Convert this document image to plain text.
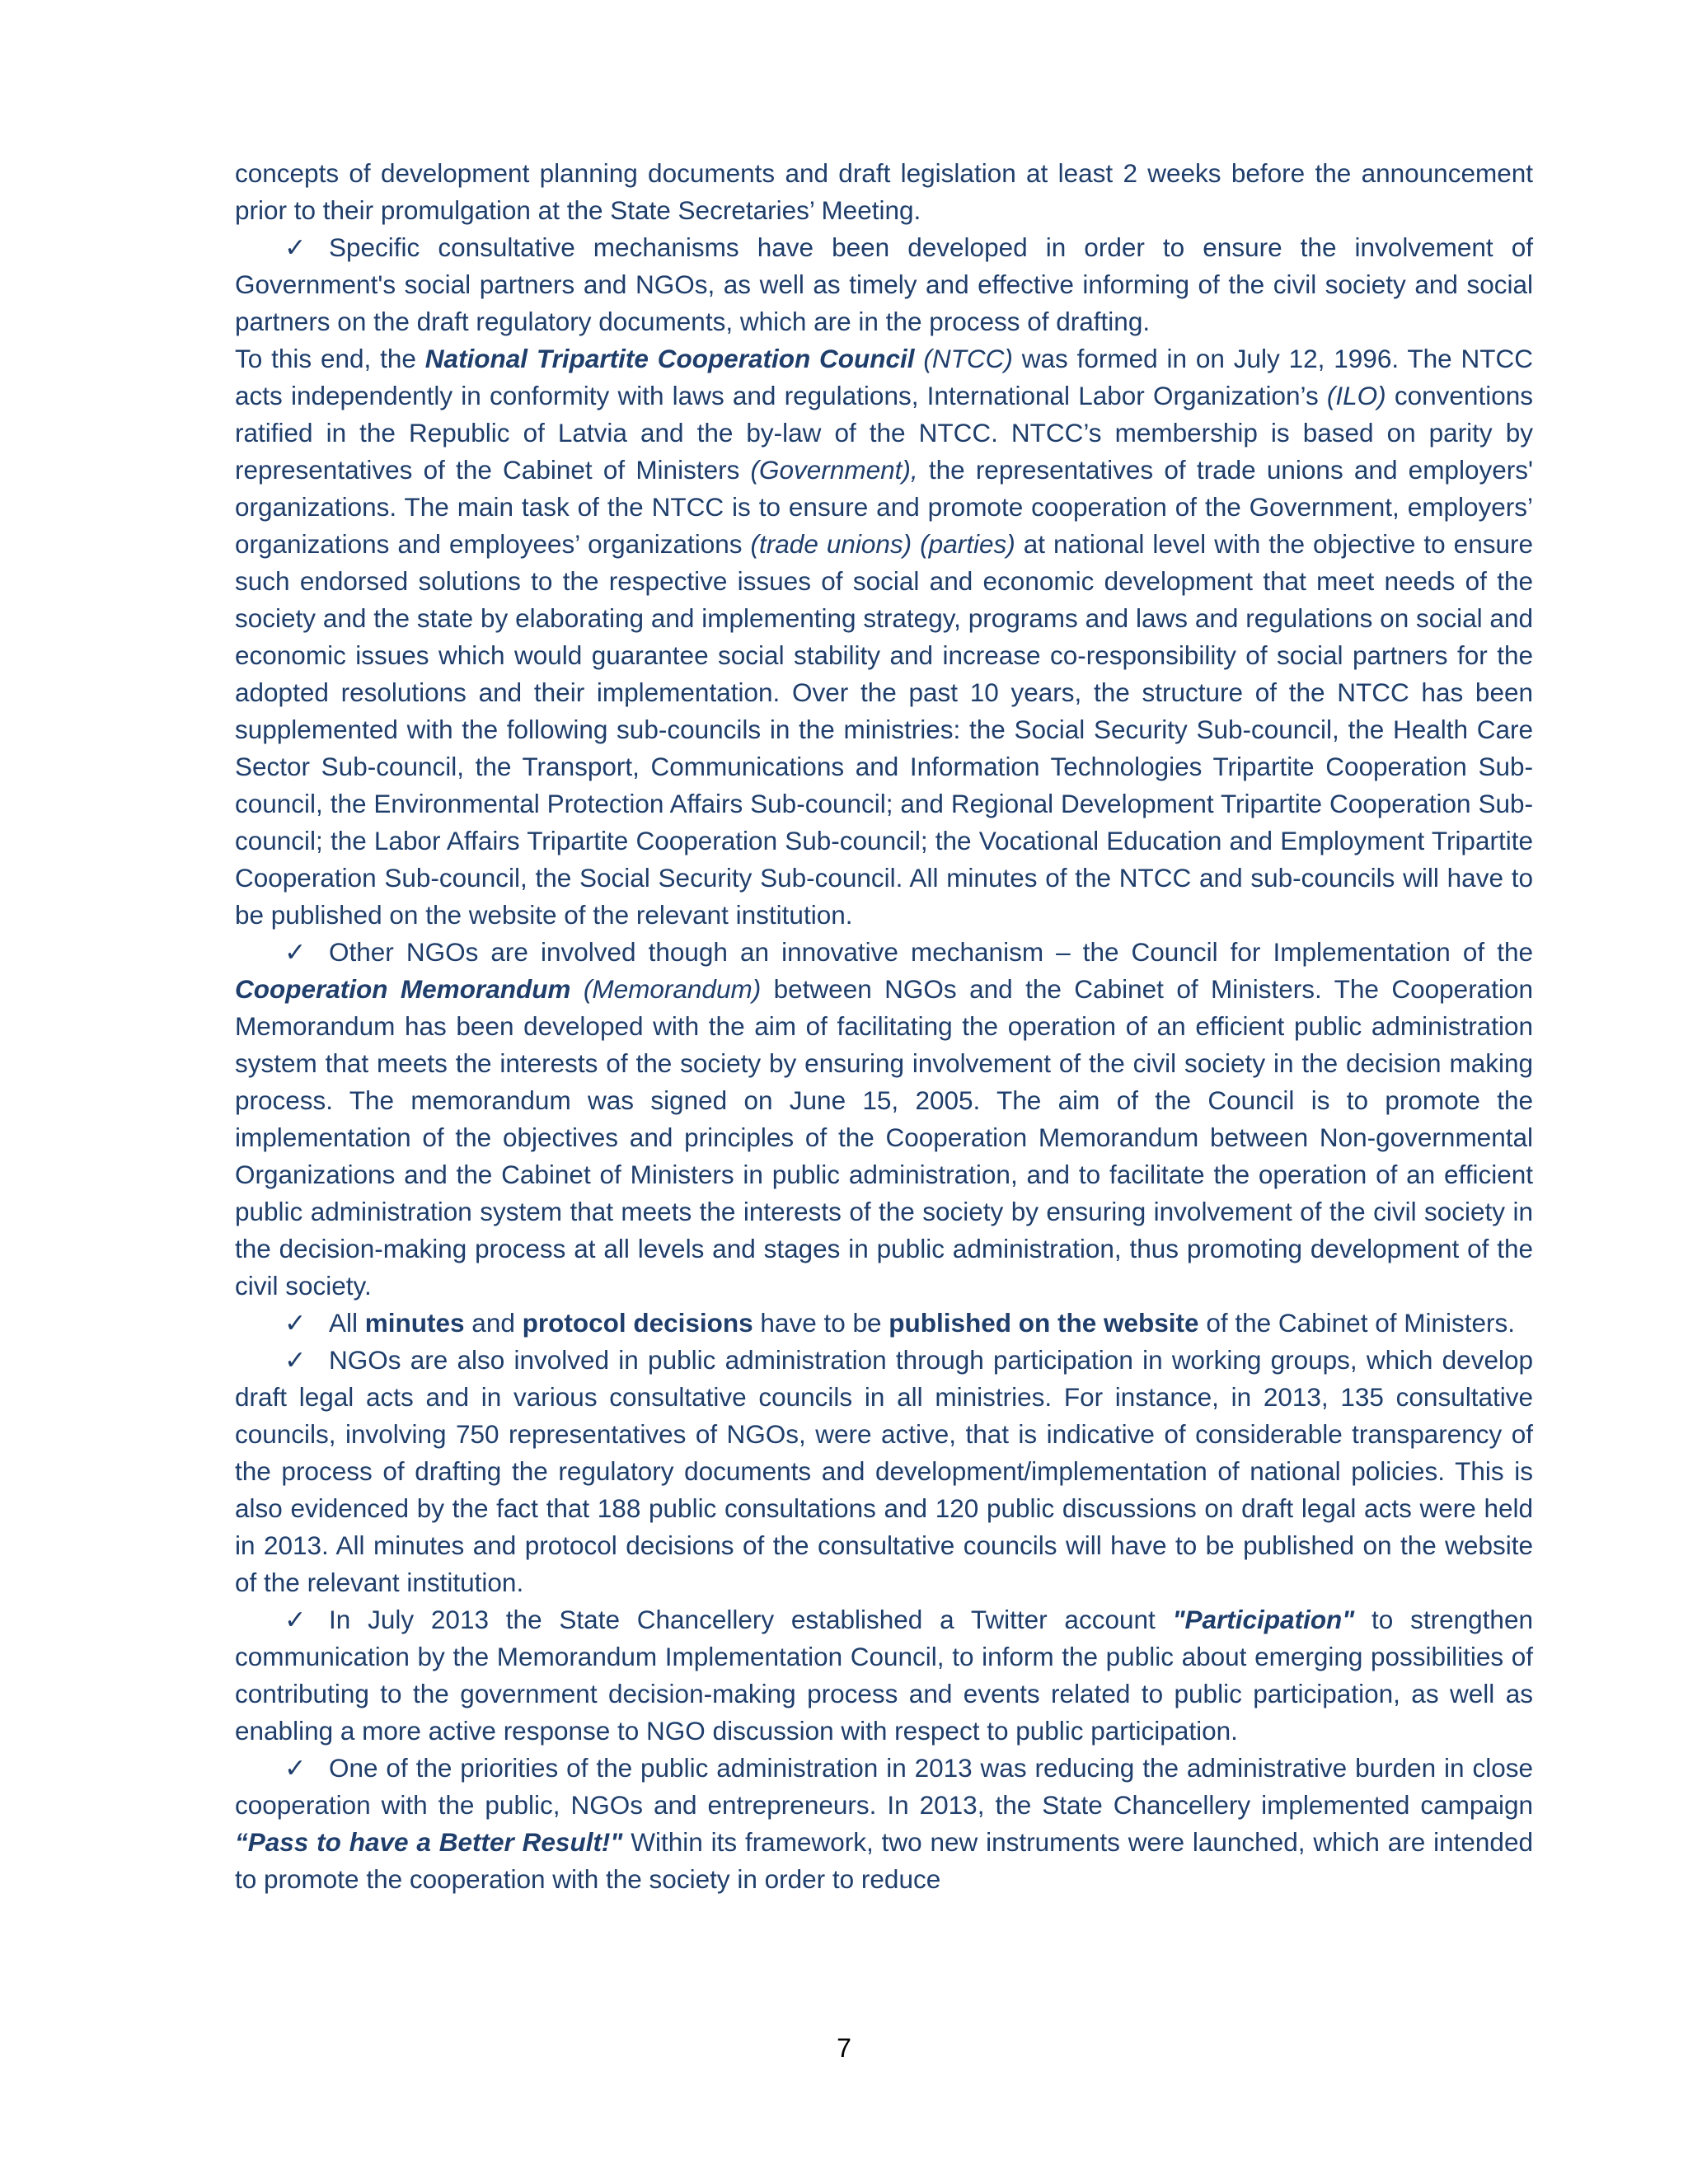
concepts of development planning documents and draft legislation at least 2 weeks before the announcement prior to their promulgation at the State Secretaries’ Meeting.

✓ Specific consultative mechanisms have been developed in order to ensure the involvement of Government's social partners and NGOs, as well as timely and effective informing of the civil society and social partners on the draft regulatory documents, which are in the process of drafting.

To this end, the National Tripartite Cooperation Council (NTCC) was formed in on July 12, 1996. The NTCC acts independently in conformity with laws and regulations, International Labor Organization’s (ILO) conventions ratified in the Republic of Latvia and the by-law of the NTCC. NTCC’s membership is based on parity by representatives of the Cabinet of Ministers (Government), the representatives of trade unions and employers' organizations. The main task of the NTCC is to ensure and promote cooperation of the Government, employers’ organizations and employees’ organizations (trade unions) (parties) at national level with the objective to ensure such endorsed solutions to the respective issues of social and economic development that meet needs of the society and the state by elaborating and implementing strategy, programs and laws and regulations on social and economic issues which would guarantee social stability and increase co-responsibility of social partners for the adopted resolutions and their implementation. Over the past 10 years, the structure of the NTCC has been supplemented with the following sub-councils in the ministries: the Social Security Sub-council, the Health Care Sector Sub-council, the Transport, Communications and Information Technologies Tripartite Cooperation Sub-council, the Environmental Protection Affairs Sub-council; and Regional Development Tripartite Cooperation Sub-council; the Labor Affairs Tripartite Cooperation Sub-council; the Vocational Education and Employment Tripartite Cooperation Sub-council, the Social Security Sub-council. All minutes of the NTCC and sub-councils will have to be published on the website of the relevant institution.

✓ Other NGOs are involved though an innovative mechanism – the Council for Implementation of the Cooperation Memorandum (Memorandum) between NGOs and the Cabinet of Ministers. The Cooperation Memorandum has been developed with the aim of facilitating the operation of an efficient public administration system that meets the interests of the society by ensuring involvement of the civil society in the decision making process. The memorandum was signed on June 15, 2005. The aim of the Council is to promote the implementation of the objectives and principles of the Cooperation Memorandum between Non-governmental Organizations and the Cabinet of Ministers in public administration, and to facilitate the operation of an efficient public administration system that meets the interests of the society by ensuring involvement of the civil society in the decision-making process at all levels and stages in public administration, thus promoting development of the civil society.

✓ All minutes and protocol decisions have to be published on the website of the Cabinet of Ministers.

✓ NGOs are also involved in public administration through participation in working groups, which develop draft legal acts and in various consultative councils in all ministries. For instance, in 2013, 135 consultative councils, involving 750 representatives of NGOs, were active, that is indicative of considerable transparency of the process of drafting the regulatory documents and development/implementation of national policies. This is also evidenced by the fact that 188 public consultations and 120 public discussions on draft legal acts were held in 2013. All minutes and protocol decisions of the consultative councils will have to be published on the website of the relevant institution.

✓ In July 2013 the State Chancellery established a Twitter account "Participation" to strengthen communication by the Memorandum Implementation Council, to inform the public about emerging possibilities of contributing to the government decision-making process and events related to public participation, as well as enabling a more active response to NGO discussion with respect to public participation.

✓ One of the priorities of the public administration in 2013 was reducing the administrative burden in close cooperation with the public, NGOs and entrepreneurs. In 2013, the State Chancellery implemented campaign “Pass to have a Better Result!" Within its framework, two new instruments were launched, which are intended to promote the cooperation with the society in order to reduce

7
